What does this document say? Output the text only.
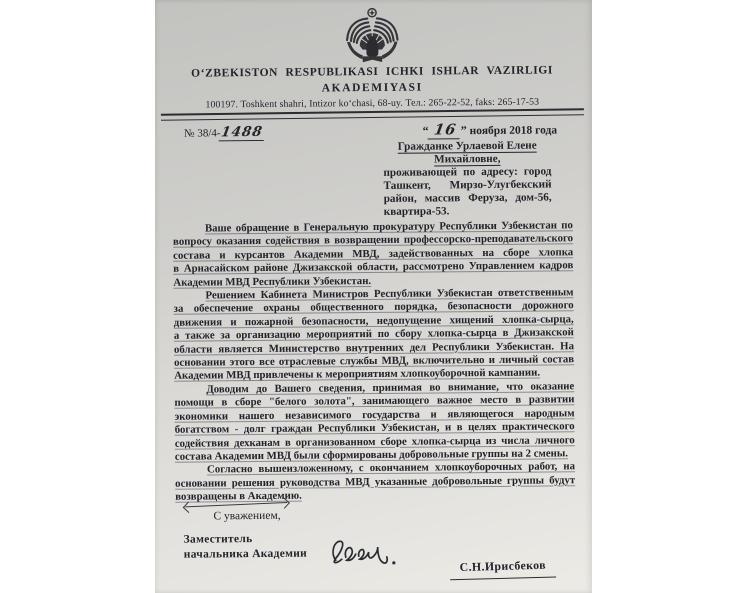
O‘ZBEKISTON RESPUBLIKASI ICHKI ISHLAR VAZIRLIGI
AKADEMIYASI
100197. Toshkent shahri, Intizor ko‘chasi, 68-uy. Тел.: 265-22-52, faks: 265-17-53
№ 38/4-1488	“ 16 ” ноября 2018 года
Гражданке Урлаевой Елене
Михайловне,
проживающей по адресу: город
Ташкент, Мирзо-Улугбекский
район, массив Феруза, дом-56,
квартира-53.
Ваше обращение в Генеральную прокуратуру Республики Узбекистан по
вопросу оказания содействия в возвращении профессорско-преподавательского
состава и курсантов Академии МВД, задействованных на сборе хлопка
в Арнасайском районе Джизакской области, рассмотрено Управлением кадров
Академии МВД Республики Узбекистан.
Решением Кабинета Министров Республики Узбекистан ответственным
за обеспечение охраны общественного порядка, безопасности дорожного
движения и пожарной безопасности, недопущение хищений хлопка-сырца,
а также за организацию мероприятий по сбору хлопка-сырца в Джизакской
области является Министерство внутренних дел Республики Узбекистан. На
основании этого все отраслевые службы МВД, включительно и личный состав
Академии МВД привлечены к мероприятиям хлопкоуборочной кампании.
Доводим до Вашего сведения, принимая во внимание, что оказание
помощи в сборе "белого золота", занимающего важное место в развитии
экономики нашего независимого государства и являющегося народным
богатством - долг граждан Республики Узбекистан, и в целях практического
содействия дехканам в организованном сборе хлопка-сырца из числа личного
состава Академии МВД были сформированы добровольные группы на 2 смены.
Согласно вышеизложенному, с окончанием хлопкоуборочных работ, на
основании решения руководства МВД указанные добровольные группы будут
возвращены в Академию.
С уважением,
Заместитель
начальника Академии
С.Н.Ирисбеков
